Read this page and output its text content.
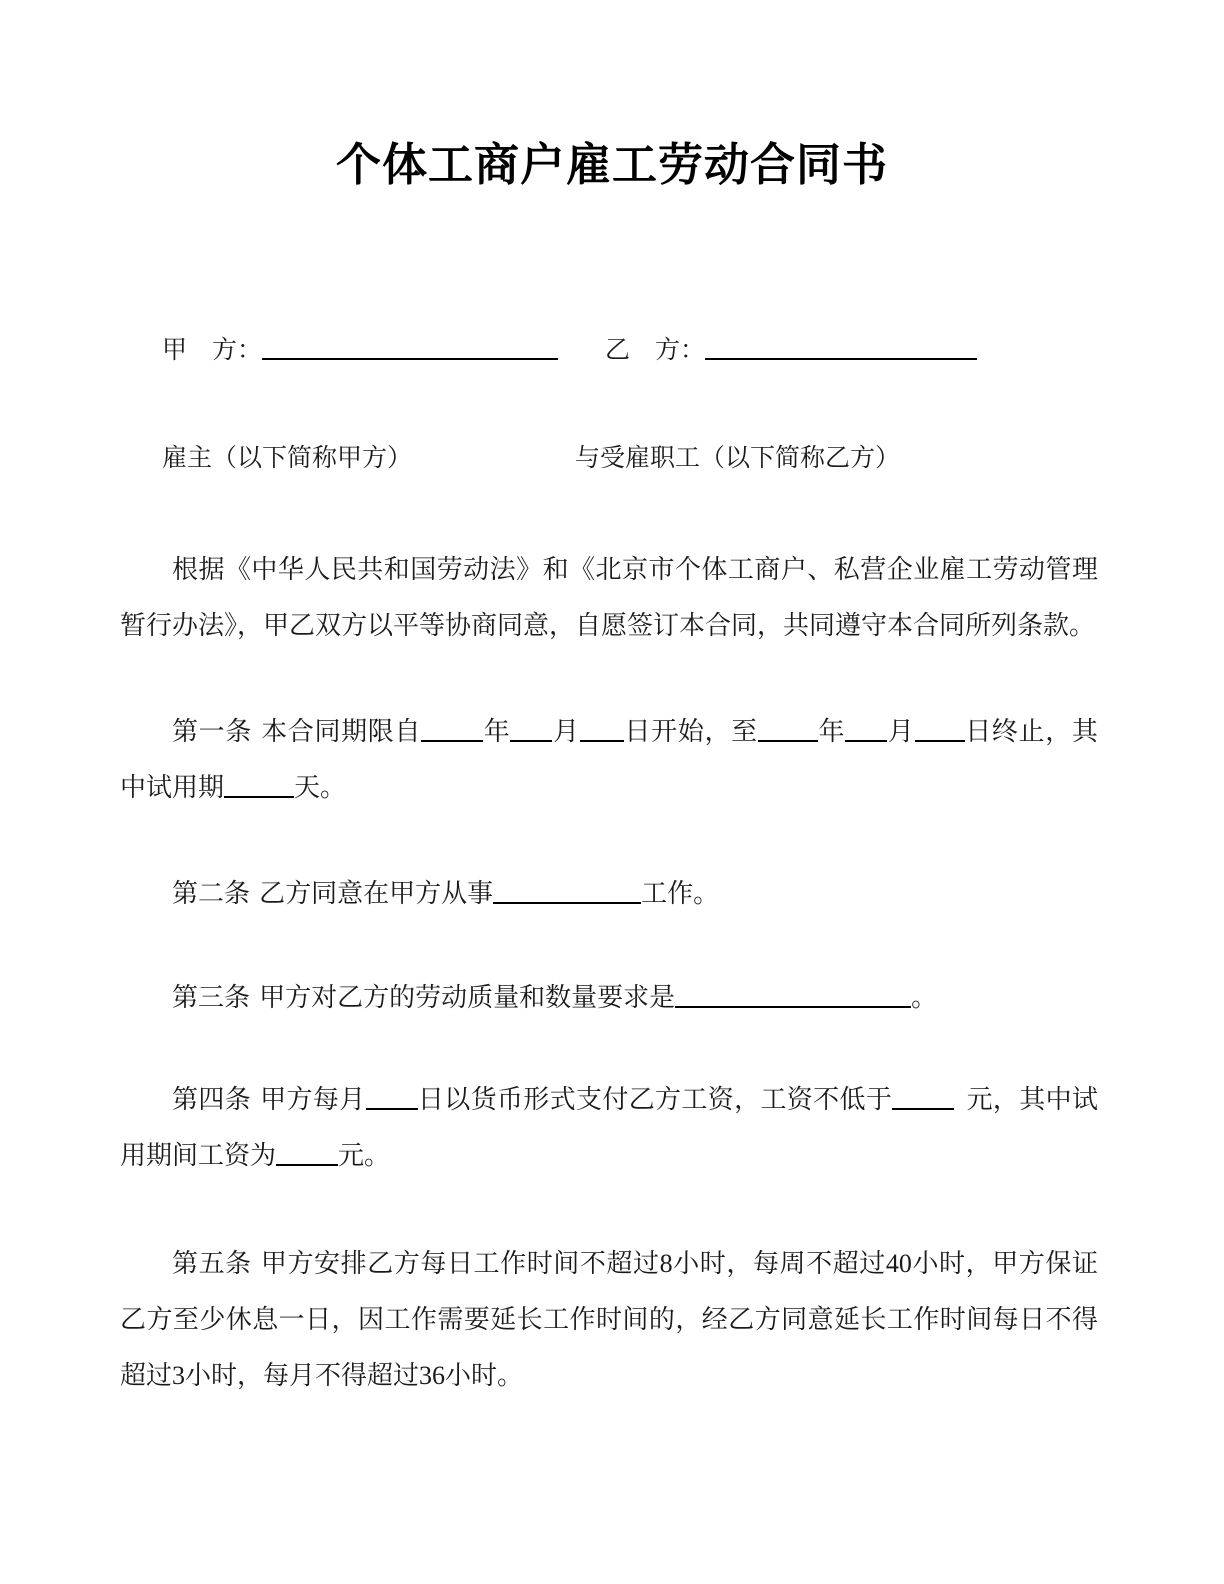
个体工商户雇工劳动合同书
甲　方：	乙　方：
雇主（以下简称甲方）	与受雇职工（以下简称乙方）

根据《中华人民共和国劳动法》和《北京市个体工商户、私营企业雇工劳动管理暂行办法》，甲乙双方以平等协商同意，自愿签订本合同，共同遵守本合同所列条款。

第一条 本合同期限自 年 月 日开始，至 年 月 日终止，其中试用期	天。

第二条 乙方同意在甲方从事	工作。

第三条 甲方对乙方的劳动质量和数量要求是	。

第四条 甲方每月 日以货币形式支付乙方工资，工资不低于	元，其中试用期间工资为 元。

第五条 甲方安排乙方每日工作时间不超过8小时，每周不超过40小时，甲方保证乙方至少休息一日，因工作需要延长工作时间的，经乙方同意延长工作时间每日不得超过3小时，每月不得超过36小时。
